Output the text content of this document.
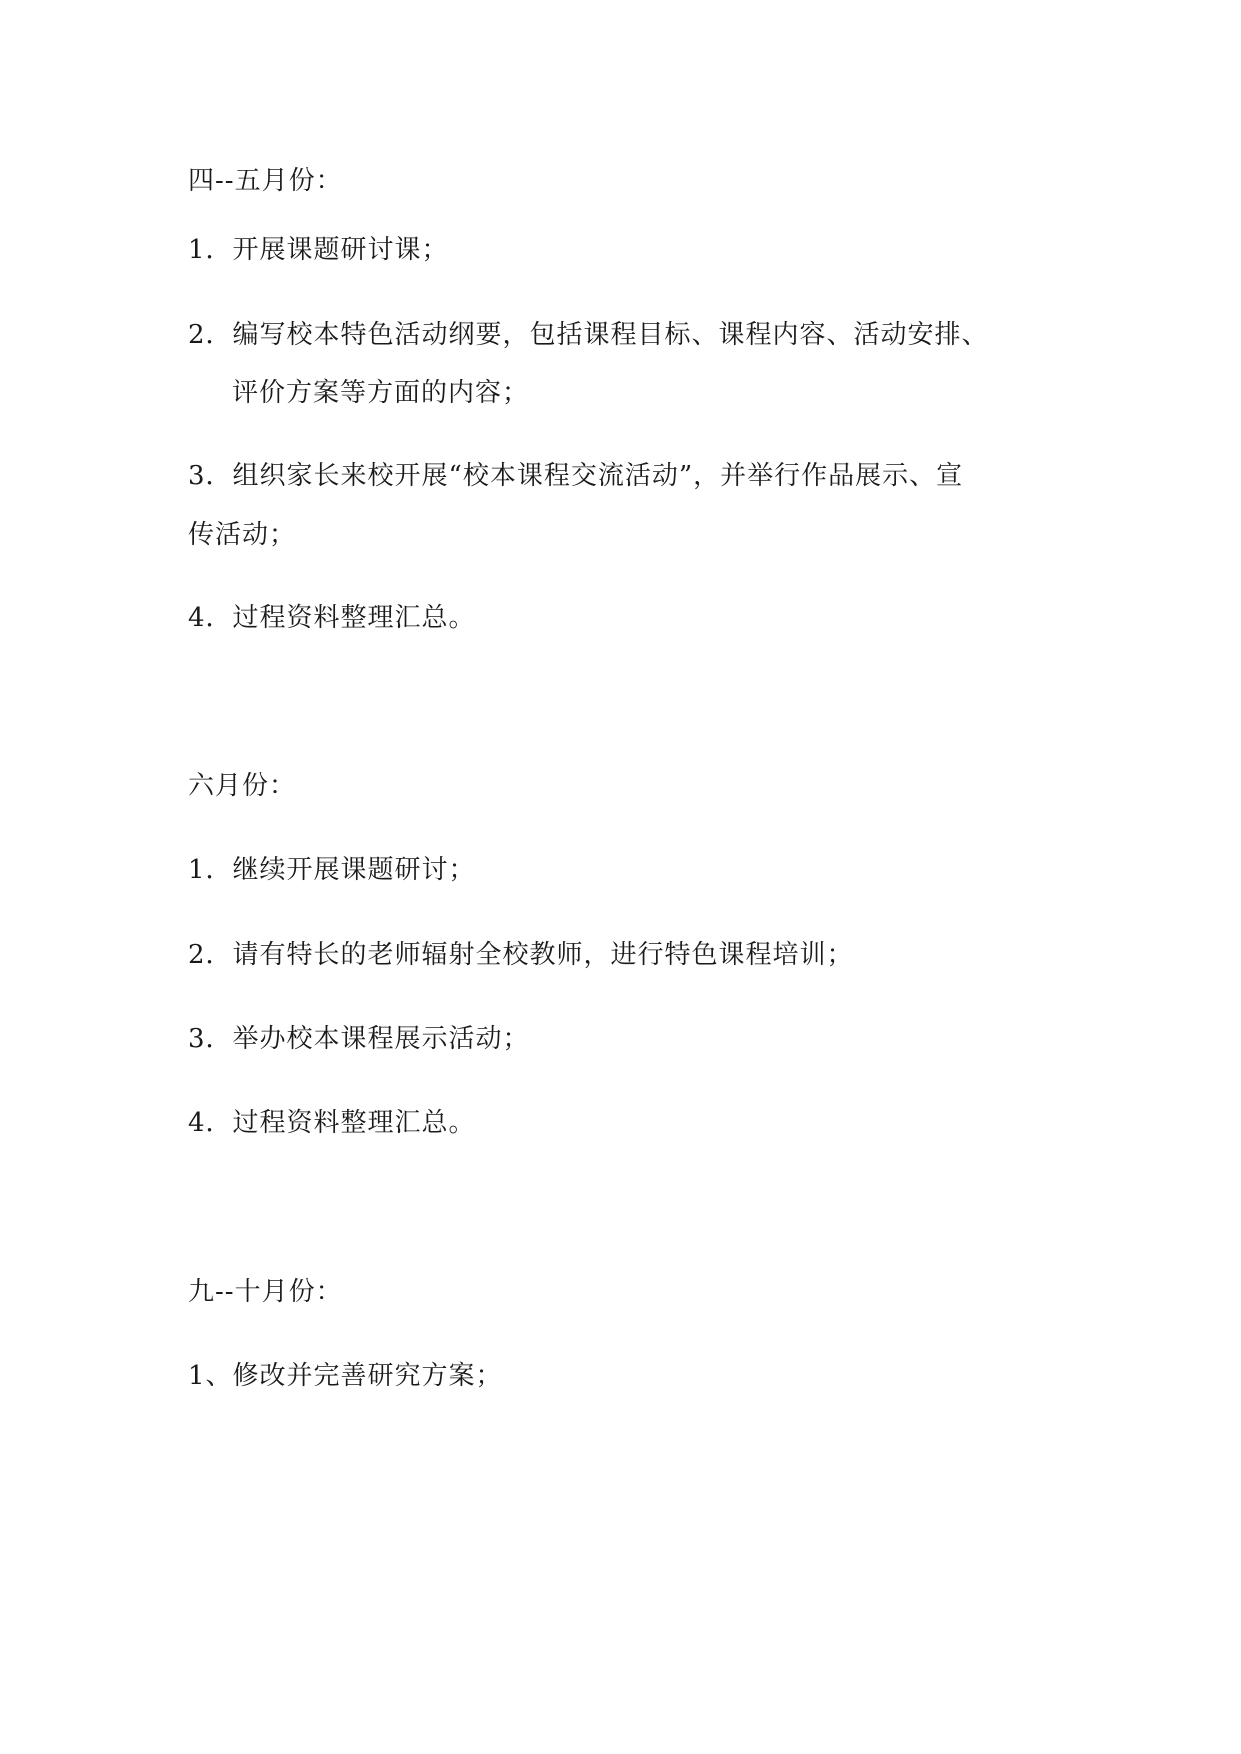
四--五月份：
1．开展课题研讨课；
2．编写校本特色活动纲要，包括课程目标、课程内容、活动安排、
评价方案等方面的内容；
3．组织家长来校开展“校本课程交流活动”，并举行作品展示、宣
传活动；
4．过程资料整理汇总。
六月份：
1．继续开展课题研讨；
2．请有特长的老师辐射全校教师，进行特色课程培训；
3．举办校本课程展示活动；
4．过程资料整理汇总。
九--十月份：
1、修改并完善研究方案；
